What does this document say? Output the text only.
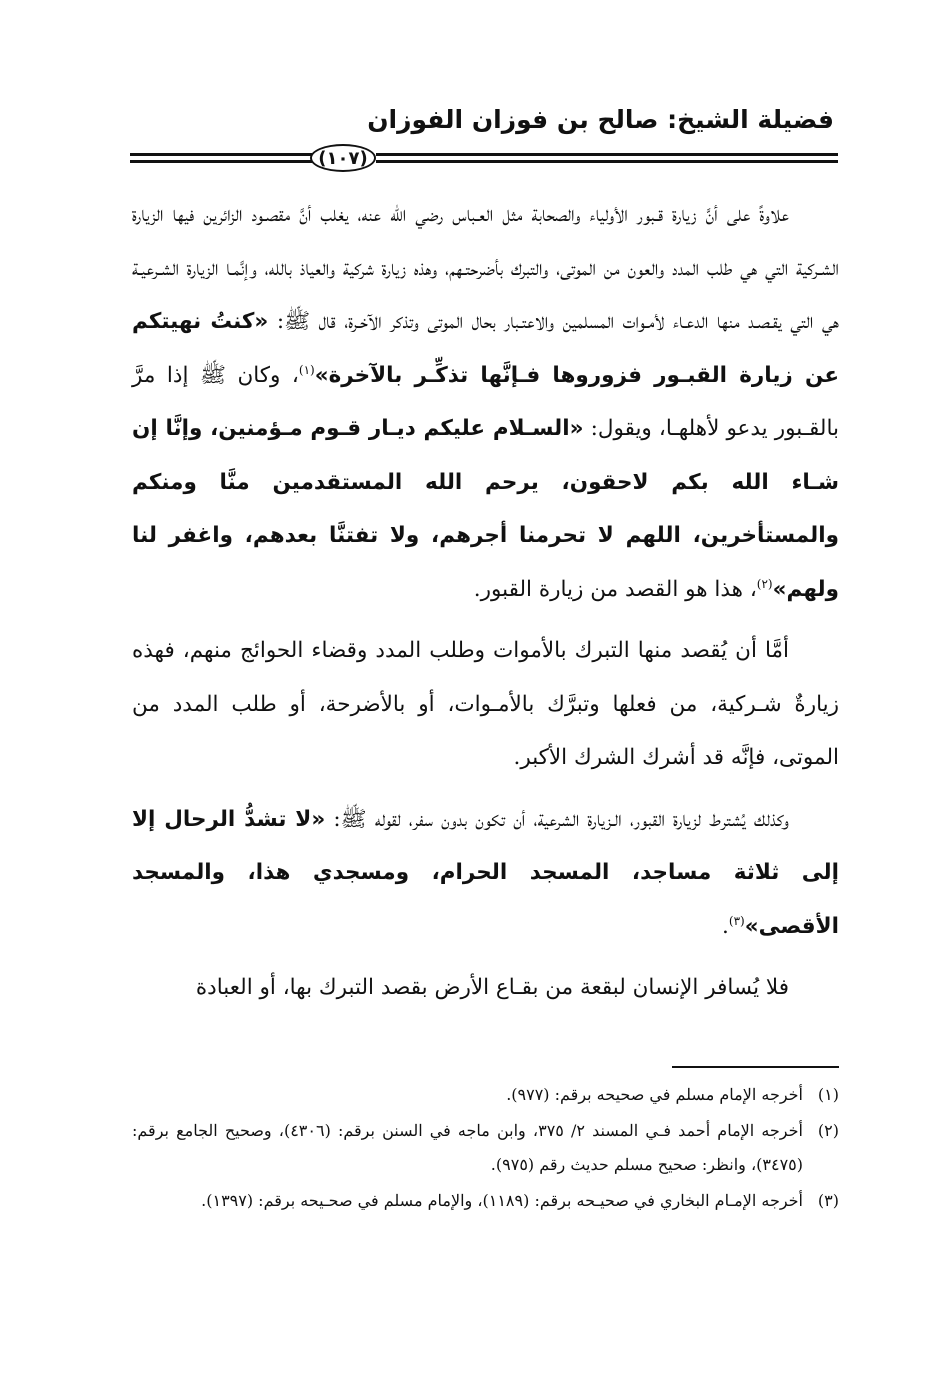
فضيلة الشيخ: صالح بن فوزان الفوزان
(١٠٧)

علاوةً على أنَّ زيارة قـبور الأولياء والصحابة مثل العـباس رضي الله عنه، يغلب أنَّ مقصـود الزائرين فيها الزيارة الشـركية التي هي طلب المدد والعون من الموتى، والتبرك بأضرحتـهم، وهذه زيارة شركية والعياذ بالله، وإنَّمـا الزيارة الشـرعيـة هي التي يقـصـد منها الدعـاء لأمـوات المسلمين والاعتـبار بحال الموتى وتذكر الآخـرة، قال ﷺ: «كنتُ نهيتكم عن زيارة القبـور فزوروها فـإنَّها تذكِّـر بالآخرة»$^{(١)}$، وكان ﷺ إذا مرَّ بالقـبور يدعو لأهلهـا، ويقول: «السـلام عليكم ديـار قـوم مـؤمنين، وإنَّا إن شـاء الله بكم لاحقون، يرحم الله المستقدمين منَّا ومنكم والمستأخرين، اللهم لا تحرمنا أجرهم، ولا تفتنَّا بعدهم، واغفر لنا ولهم»$^{(٢)}$، هذا هو القصد من زيارة القبور.

أمَّا أن يُقصد منها التبرك بالأموات وطلب المدد وقضاء الحوائج منهم، فهذه زيارةٌ شـركية، من فعلها وتبرَّك بالأمـوات، أو بالأضرحة، أو طلب المدد من الموتى، فإنَّه قد أشرك الشرك الأكبر.

وكذلك يُشترط لزيارة القبور، الـزيارة الشرعية، أن تكون بدون سفر، لقوله ﷺ: «لا تشدُّ الرحال إلا إلى ثلاثة مساجد، المسجد الحرام، ومسجدي هذا، والمسجد الأقصى»$^{(٣)}$.

فلا يُسافر الإنسان لبقعة من بقـاع الأرض بقصد التبرك بها، أو العبادة

(١)
أخرجه الإمام مسلم في صحيحه برقم: (٩٧٧).

(٢)
أخرجه الإمام أحمد فـي المسند ٢/ ٣٧٥، وابن ماجه في السنن برقم: (٤٣٠٦)، وصحيح الجامع برقم: (٣٤٧٥)، وانظر: صحيح مسلم حديث رقم (٩٧٥).

(٣)
أخرجه الإمـام البخاري في صحيـحه برقم: (١١٨٩)، والإمام مسلم في صحـيحه برقم: (١٣٩٧).
